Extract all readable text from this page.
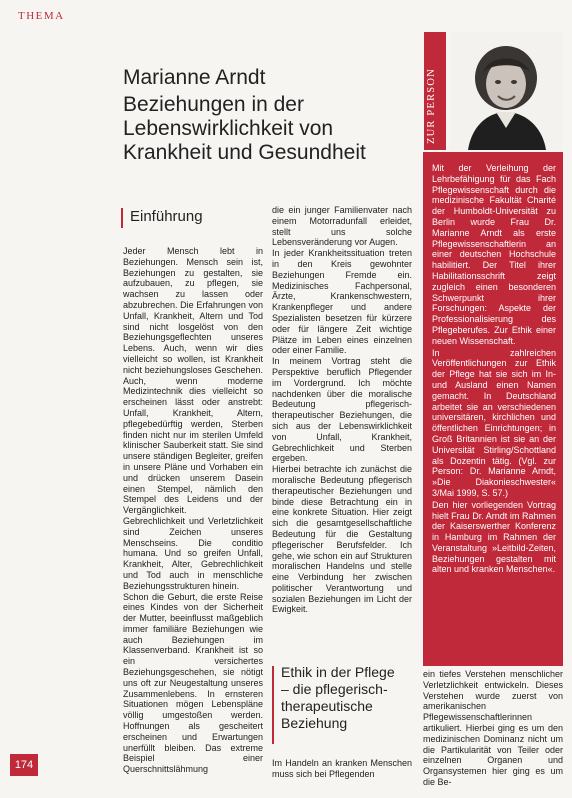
THEMA
Marianne Arndt
Beziehungen in der
Lebenswirklichkeit von
Krankheit und Gesundheit
ZUR PERSON

Mit der Verleihung der Lehrbefähigung für das Fach Pflegewissenschaft durch die medizinische Fakultät Charité der Humboldt-Universität zu Berlin wurde Frau Dr. Marianne Arndt als erste Pflegewissenschaftlerin an einer deutschen Hochschule habilitiert. Der Titel ihrer Habilitationsschrift zeigt zugleich einen besonderen Schwerpunkt ihrer Forschungen: Aspekte der Professionalisierung des Pflegeberufes. Zur Ethik einer neuen Wissenschaft.

In zahlreichen Veröffentlichungen zur Ethik der Pflege hat sie sich im In- und Ausland einen Namen gemacht. In Deutschland arbeitet sie an verschiedenen universitären, kirchlichen und öffentlichen Einrichtungen; in Groß Britannien ist sie an der Universität Stirling/Schottland als Dozentin tätig. (Vgl. zur Person: Dr. Marianne Arndt, »Die Diakonieschwester« 3/Mai 1999, S. 57.)

Den hier vorliegenden Vortrag hielt Frau Dr. Arndt im Rahmen der Kaiserswerther Konferenz in Hamburg im Rahmen der Veranstaltung »Leitbild-Zeiten, Beziehungen gestalten mit alten und kranken Menschen«.

Einführung

Jeder Mensch lebt in Beziehungen. Mensch sein ist, Beziehungen zu gestalten, sie aufzubauen, zu pflegen, sie wachsen zu lassen oder abzubrechen. Die Erfahrungen von Unfall, Krankheit, Altern und Tod sind nicht losgelöst von den Beziehungsgeflechten unseres Lebens. Auch, wenn wir dies vielleicht so wollen, ist Krankheit nicht beziehungsloses Geschehen. Auch, wenn moderne Medizintechnik dies vielleicht so erscheinen lässt oder anstrebt: Unfall, Krankheit, Altern, pflegebedürftig werden, Sterben finden nicht nur im sterilen Umfeld klinischer Sauberkeit statt. Sie sind unsere ständigen Begleiter, greifen in unsere Pläne und Vorhaben ein und drücken unserem Dasein einen Stempel, nämlich den Stempel des Leidens und der Vergänglichkeit.

Gebrechlichkeit und Verletzlichkeit sind Zeichen unseres Menschseins. Die conditio humana. Und so greifen Unfall, Krankheit, Alter, Gebrechlichkeit und Tod auch in menschliche Beziehungsstrukturen hinein.

Schon die Geburt, die erste Reise eines Kindes von der Sicherheit der Mutter, beeinflusst maßgeblich immer familiäre Beziehungen wie auch Beziehungen im Klassenverband. Krankheit ist so ein versichertes Beziehungsgeschehen, sie nötigt uns oft zur Neugestaltung unseres Zusammenlebens. In ernsteren Situationen mögen Lebenspläne völlig umgestoßen werden. Hoffnungen als gescheitert erscheinen und Erwartungen unerfüllt bleiben. Das extreme Beispiel einer Querschnittslähmung

die ein junger Familienvater nach einem Motorradunfall erleidet, stellt uns solche Lebensveränderung vor Augen.

In jeder Krankheitssituation treten in den Kreis gewohnter Beziehungen Fremde ein. Medizinisches Fachpersonal, Ärzte, Krankenschwestern, Krankenpfleger und andere Spezialisten besetzen für kürzere oder für längere Zeit wichtige Plätze im Leben eines einzelnen oder einer Familie.

In meinem Vortrag steht die Perspektive beruflich Pflegender im Vordergrund. Ich möchte nachdenken über die moralische Bedeutung pflegerisch-therapeutischer Beziehungen, die sich aus der Lebenswirklichkeit von Unfall, Krankheit, Gebrechlichkeit und Sterben ergeben.

Hierbei betrachte ich zunächst die moralische Bedeutung pflegerisch therapeutischer Beziehungen und binde diese Betrachtung ein in eine konkrete Situation. Hier zeigt sich die gesamtgesellschaftliche Bedeutung für die Gestaltung pflegerischer Berufsfelder. Ich gehe, wie schon ein auf Strukturen moralischen Handelns und stelle eine Verbindung her zwischen politischer Verantwortung und sozialen Beziehungen im Licht der Ewigkeit.

Ethik in der Pflege
– die pflegerisch-
therapeutische
Beziehung

Im Handeln an kranken Menschen muss sich bei Pflegenden

ein tiefes Verstehen menschlicher Verletzlichkeit entwickeln. Dieses Verstehen wurde zuerst von amerikanischen Pflegewissenschaftlerinnen artikuliert. Hierbei ging es um den medizinischen Dominanz nicht um die Partikularität von Teiler oder einzelnen Organen und Organsystemen hier ging es um die Be-

174
